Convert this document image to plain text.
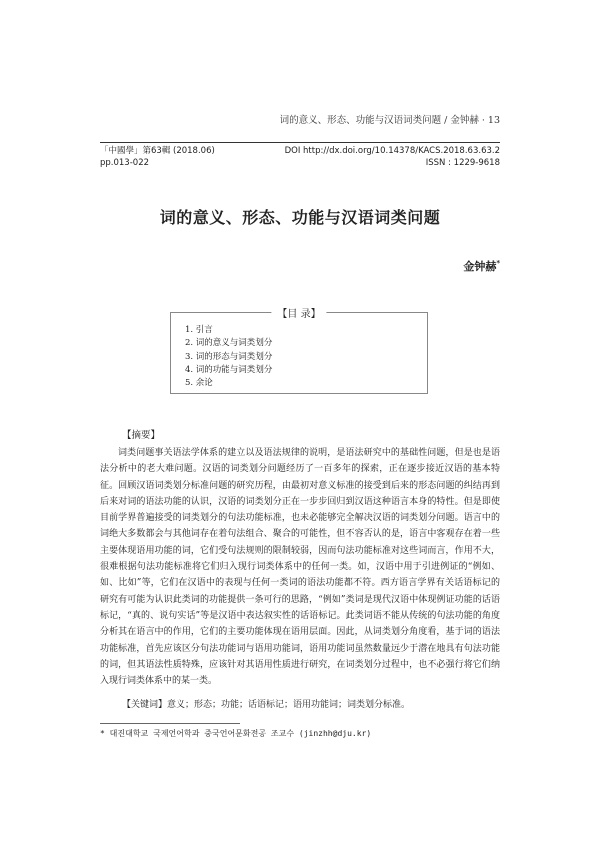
词的意义、形态、功能与汉语词类问题 / 金钟赫 · 13
「中國學」第63輯 (2018.06)	DOI http://dx.doi.org/10.14378/KACS.2018.63.63.2
pp.013-022	ISSN : 1229-9618
词的意义、形态、功能与汉语词类问题
金钟赫*
【目 录】
1. 引言
2. 词的意义与词类划分
3. 词的形态与词类划分
4. 词的功能与词类划分
5. 余论
【摘要】

词类问题事关语法学体系的建立以及语法规律的说明，是语法研究中的基础性问题，但是也是语法分析中的老大难问题。汉语的词类划分问题经历了一百多年的探索，正在逐步接近汉语的基本特征。回顾汉语词类划分标准问题的研究历程，由最初对意义标准的接受到后来的形态问题的纠结再到后来对词的语法功能的认识，汉语的词类划分正在一步步回归到汉语这种语言本身的特性。但是即使目前学界普遍接受的词类划分的句法功能标准，也未必能够完全解决汉语的词类划分问题。语言中的词绝大多数都会与其他词存在着句法组合、聚合的可能性，但不容否认的是，语言中客观存在着一些主要体现语用功能的词，它们受句法规则的限制较弱，因而句法功能标准对这些词而言，作用不大，很难根据句法功能标准将它们归入现行词类体系中的任何一类。如，汉语中用于引进例证的“例如、如、比如”等，它们在汉语中的表现与任何一类词的语法功能都不符。西方语言学界有关话语标记的研究有可能为认识此类词的功能提供一条可行的思路，“例如”类词是现代汉语中体现例证功能的话语标记，“真的、说句实话”等是汉语中表达叙实性的话语标记。此类词语不能从传统的句法功能的角度分析其在语言中的作用，它们的主要功能体现在语用层面。因此，从词类划分角度看，基于词的语法功能标准，首先应该区分句法功能词与语用功能词，语用功能词虽然数量远少于潜在地具有句法功能的词，但其语法性质特殊，应该针对其语用性质进行研究，在词类划分过程中，也不必强行将它们纳入现行词类体系中的某一类。

【关键词】意义；形态；功能；话语标记；语用功能词；词类划分标准。
* 대진대학교 국제언어학과 중국언어문화전공 조교수 (jinzhh@dju.kr)
